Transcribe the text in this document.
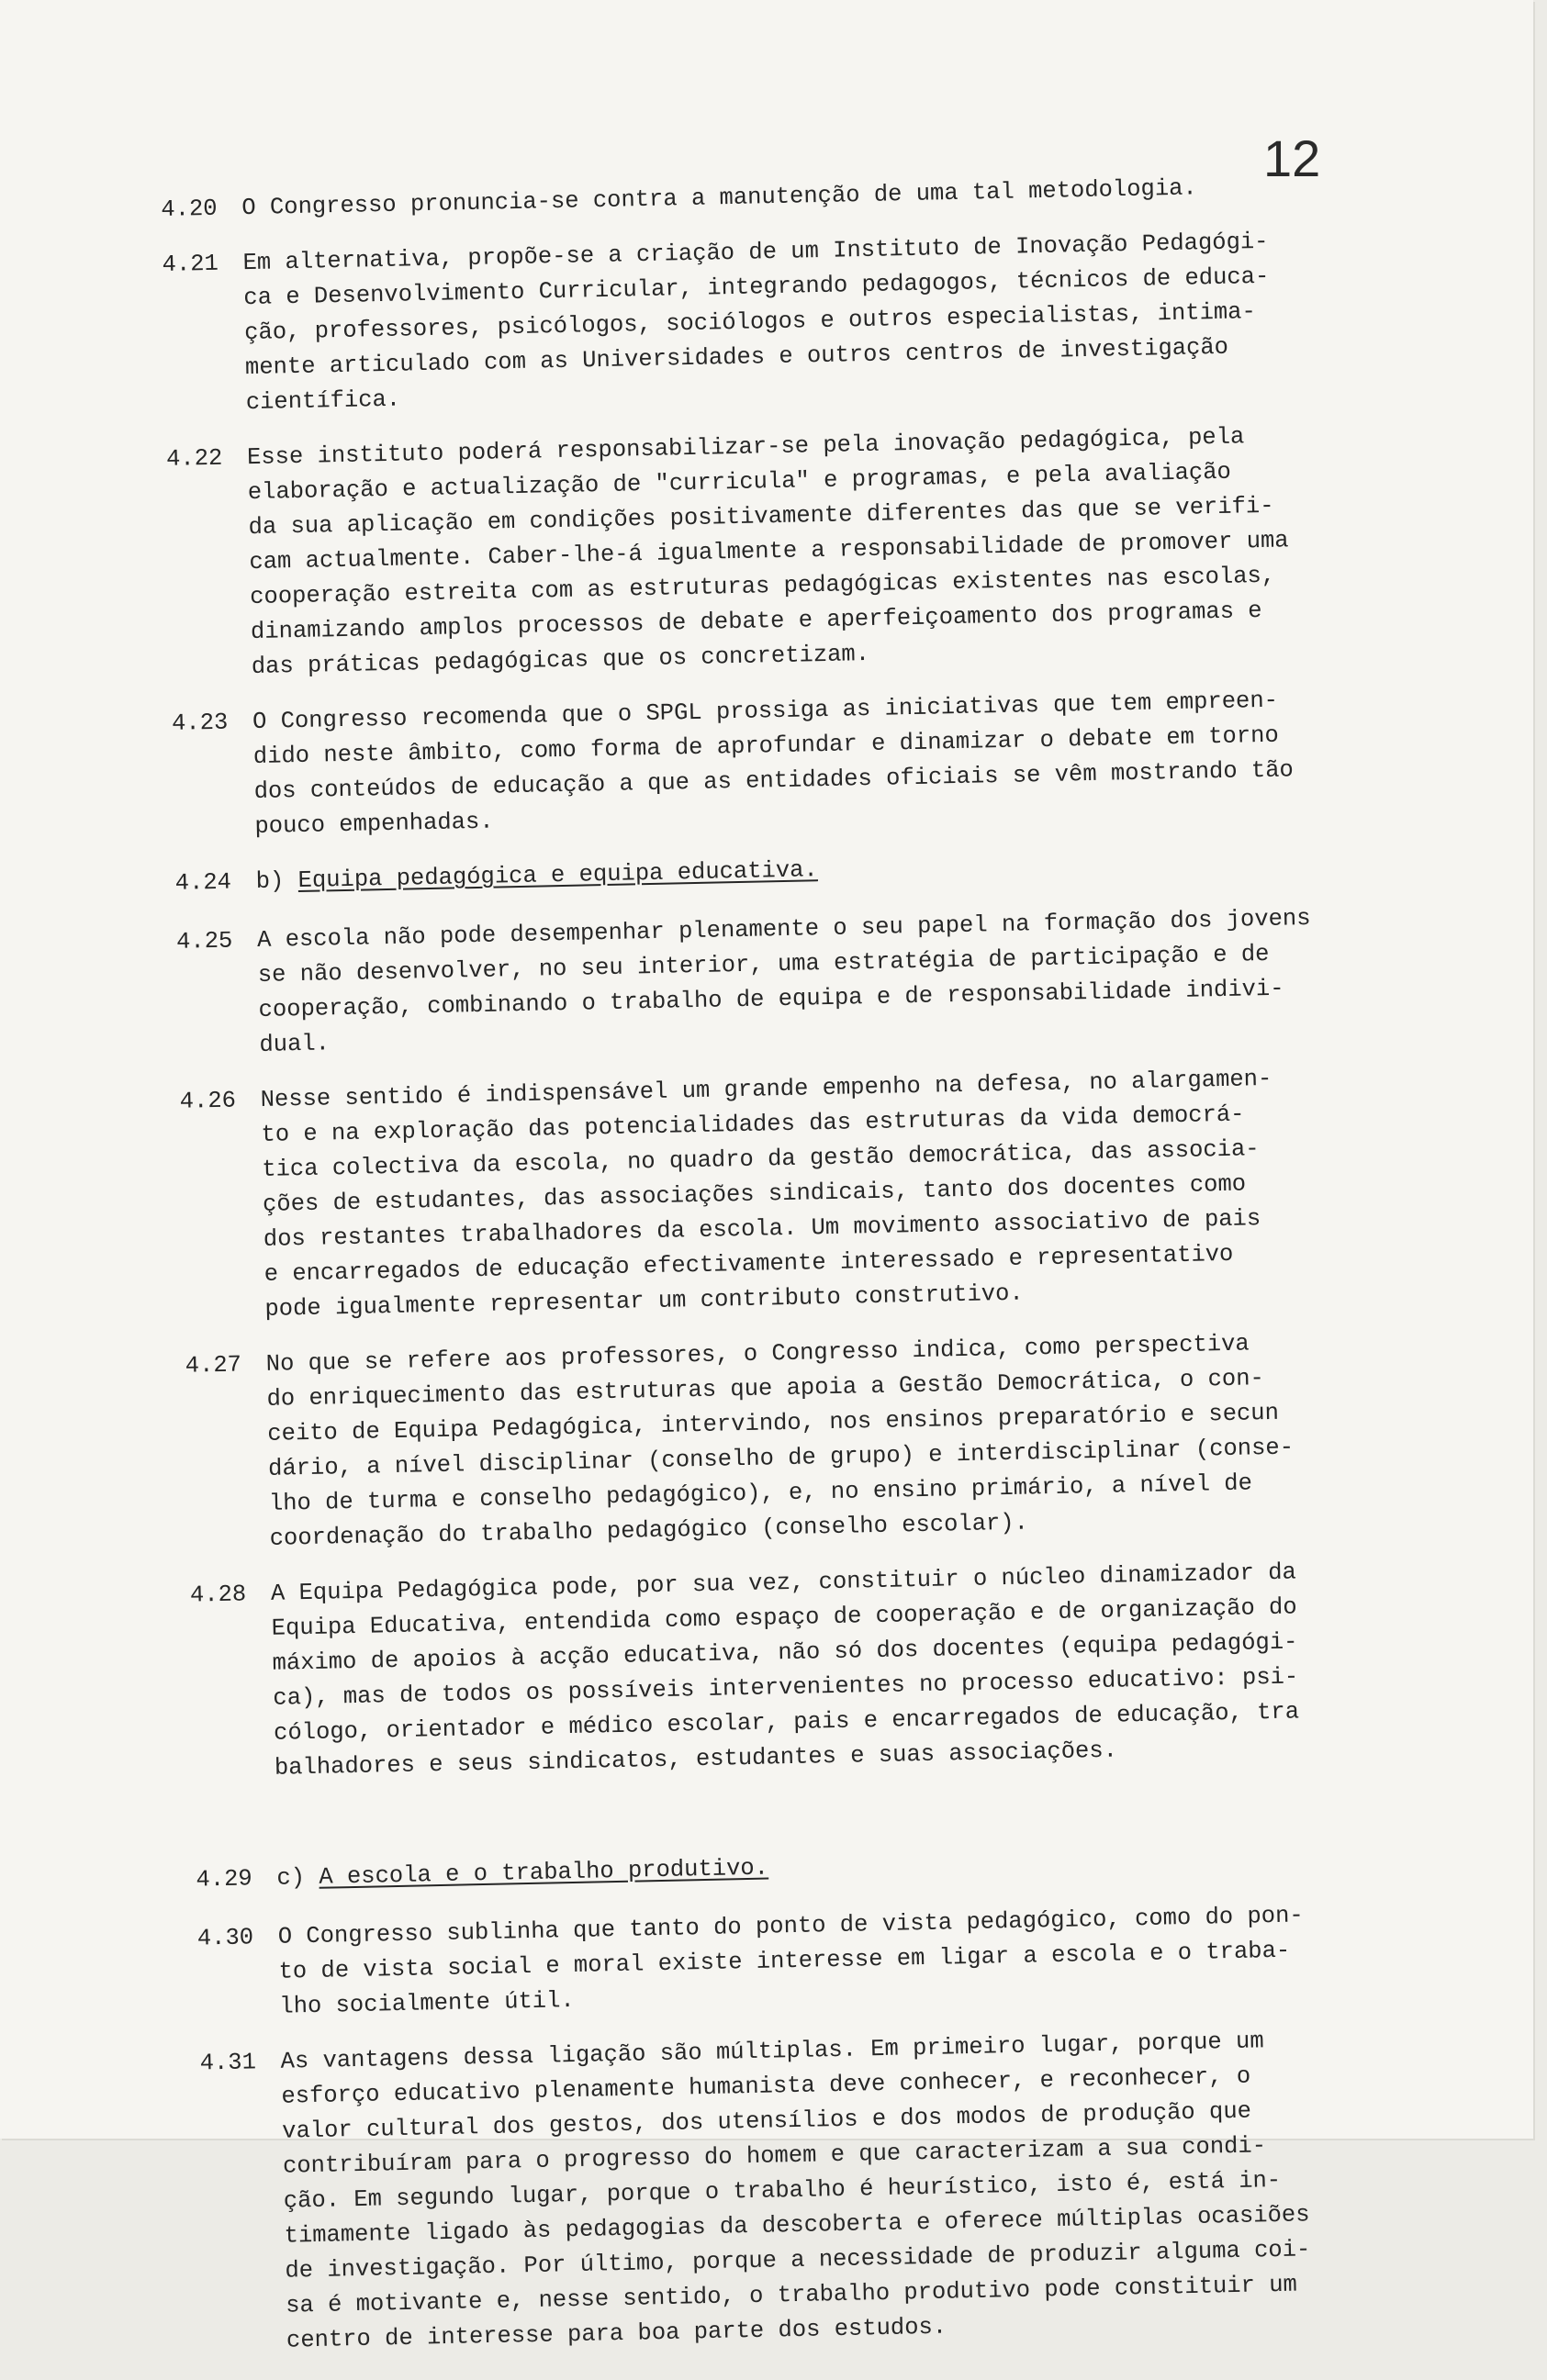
12
4.20	O Congresso pronuncia-se contra a manutenção de uma tal metodologia.
4.21	Em alternativa, propõe-se a criação de um Instituto de Inovação Pedagógi-
ca e Desenvolvimento Curricular, integrando pedagogos, técnicos de educa-
ção, professores, psicólogos, sociólogos e outros especialistas, intima-
mente articulado com as Universidades e outros centros de investigação
científica.
4.22	Esse instituto poderá responsabilizar-se pela inovação pedagógica, pela
elaboração e actualização de "curricula" e programas, e pela avaliação
da sua aplicação em condições positivamente diferentes das que se verifi-
cam actualmente. Caber-lhe-á igualmente a responsabilidade de promover uma
cooperação estreita com as estruturas pedagógicas existentes nas escolas,
dinamizando amplos processos de debate e aperfeiçoamento dos programas e
das práticas pedagógicas que os concretizam.
4.23	O Congresso recomenda que o SPGL prossiga as iniciativas que tem empreen-
dido neste âmbito, como forma de aprofundar e dinamizar o debate em torno
dos conteúdos de educação a que as entidades oficiais se vêm mostrando tão
pouco empenhadas.
4.24	b) Equipa pedagógica e equipa educativa.
4.25	A escola não pode desempenhar plenamente o seu papel na formação dos jovens
se não desenvolver, no seu interior, uma estratégia de participação e de
cooperação, combinando o trabalho de equipa e de responsabilidade indivi-
dual.
4.26	Nesse sentido é indispensável um grande empenho na defesa, no alargamen-
to e na exploração das potencialidades das estruturas da vida democrá-
tica colectiva da escola, no quadro da gestão democrática, das associa-
ções de estudantes, das associações sindicais, tanto dos docentes como
dos restantes trabalhadores da escola. Um movimento associativo de pais
e encarregados de educação efectivamente interessado e representativo
pode igualmente representar um contributo construtivo.
4.27	No que se refere aos professores, o Congresso indica, como perspectiva
do enriquecimento das estruturas que apoia a Gestão Democrática, o con-
ceito de Equipa Pedagógica, intervindo, nos ensinos preparatório e secun
dário, a nível disciplinar (conselho de grupo) e interdisciplinar (conse-
lho de turma e conselho pedagógico), e, no ensino primário, a nível de
coordenação do trabalho pedagógico (conselho escolar).
4.28	A Equipa Pedagógica pode, por sua vez, constituir o núcleo dinamizador da
Equipa Educativa, entendida como espaço de cooperação e de organização do
máximo de apoios à acção educativa, não só dos docentes (equipa pedagógi-
ca), mas de todos os possíveis intervenientes no processo educativo: psi-
cólogo, orientador e médico escolar, pais e encarregados de educação, tra
balhadores e seus sindicatos, estudantes e suas associações.
4.29	c) A escola e o trabalho produtivo.
4.30	O Congresso sublinha que tanto do ponto de vista pedagógico, como do pon-
to de vista social e moral existe interesse em ligar a escola e o traba-
lho socialmente útil.
4.31	As vantagens dessa ligação são múltiplas. Em primeiro lugar, porque um
esforço educativo plenamente humanista deve conhecer, e reconhecer, o
valor cultural dos gestos, dos utensílios e dos modos de produção que
contribuíram para o progresso do homem e que caracterizam a sua condi-
ção. Em segundo lugar, porque o trabalho é heurístico, isto é, está in-
timamente ligado às pedagogias da descoberta e oferece múltiplas ocasiões
de investigação. Por último, porque a necessidade de produzir alguma coi-
sa é motivante e, nesse sentido, o trabalho produtivo pode constituir um
centro de interesse para boa parte dos estudos.
